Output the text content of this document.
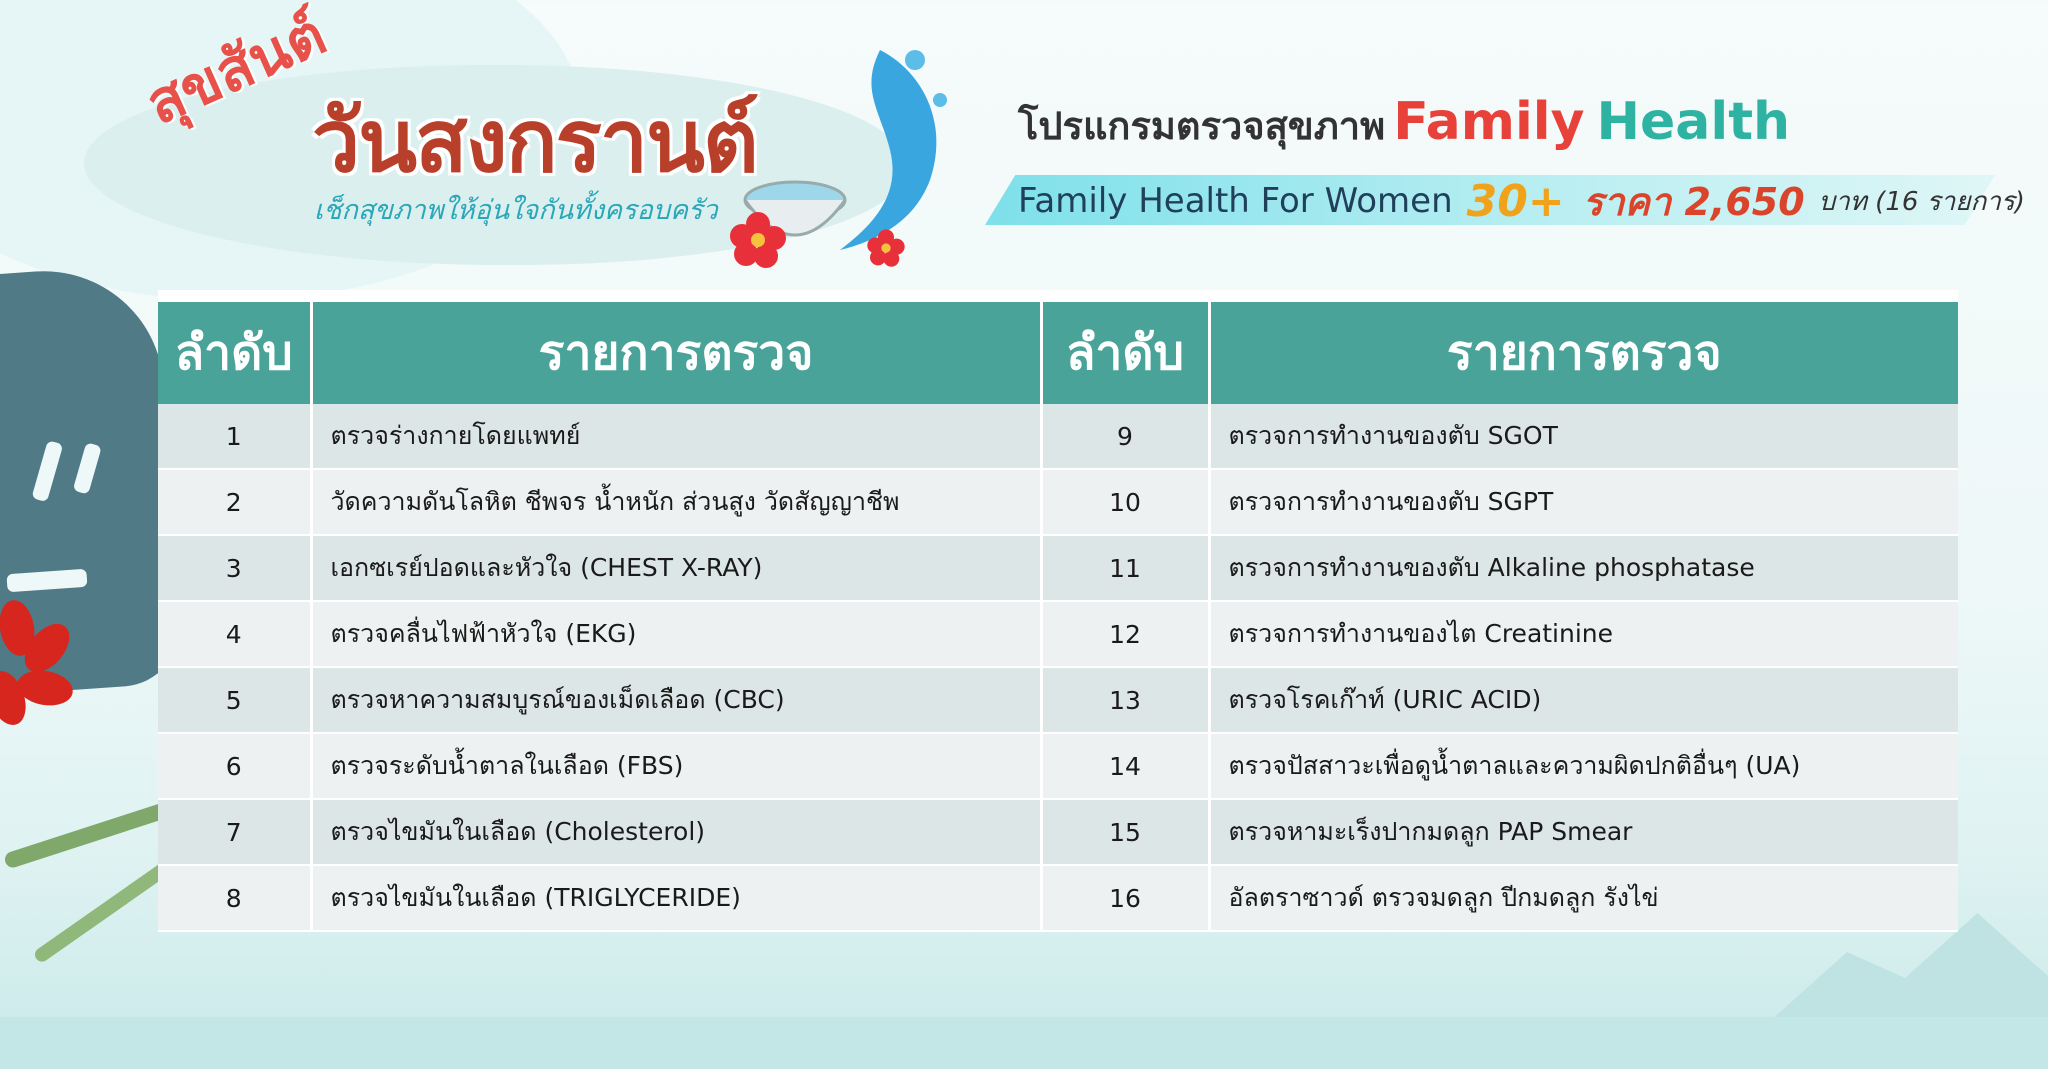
สุขสันต์
วันสงกรานต์
เช็กสุขภาพให้อุ่นใจกันทั้งครอบครัว
โปรแกรมตรวจสุขภาพ Family Health
Family Health For Women 30+ ราคา 2,650 บาท (16 รายการ)
ลำดับ	รายการตรวจ	ลำดับ	รายการตรวจ
1	ตรวจร่างกายโดยแพทย์	9	ตรวจการทำงานของตับ SGOT
2	วัดความดันโลหิต ชีพจร น้ำหนัก ส่วนสูง วัดสัญญาชีพ	10	ตรวจการทำงานของตับ SGPT
3	เอกซเรย์ปอดและหัวใจ (CHEST X-RAY)	11	ตรวจการทำงานของตับ Alkaline phosphatase
4	ตรวจคลื่นไฟฟ้าหัวใจ (EKG)	12	ตรวจการทำงานของไต Creatinine
5	ตรวจหาความสมบูรณ์ของเม็ดเลือด (CBC)	13	ตรวจโรคเก๊าท์ (URIC ACID)
6	ตรวจระดับน้ำตาลในเลือด (FBS)	14	ตรวจปัสสาวะเพื่อดูน้ำตาลและความผิดปกติอื่นๆ (UA)
7	ตรวจไขมันในเลือด (Cholesterol)	15	ตรวจหามะเร็งปากมดลูก PAP Smear
8	ตรวจไขมันในเลือด (TRIGLYCERIDE)	16	อัลตราซาวด์ ตรวจมดลูก ปีกมดลูก รังไข่
